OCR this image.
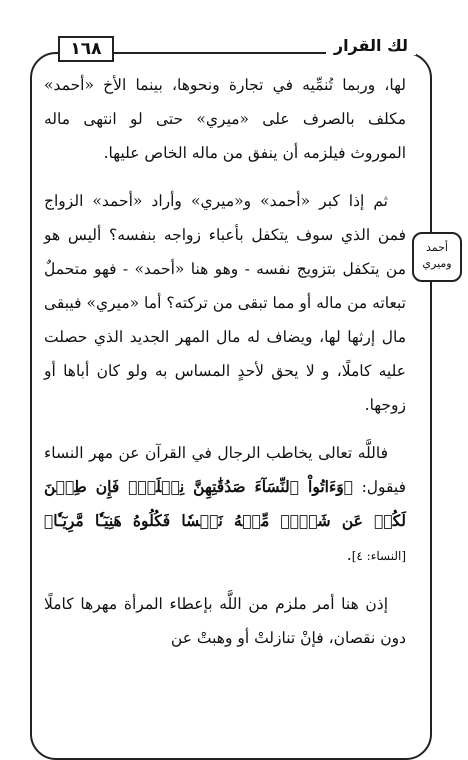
لك القرار
١٦٨
أحمد
وميري

لها، وربما تُنمِّيه في تجارة ونحوها، بينما الأخ «أحمد» مكلف بالصرف على «ميري» حتى لو انتهى ماله الموروث فيلزمه أن ينفق من ماله الخاص عليها.

ثم إذا كبر «أحمد» و«ميري» وأراد «أحمد» الزواج فمن الذي سوف يتكفل بأعباء زواجه بنفسه؟ أليس هو من يتكفل بتزويج نفسه - وهو هنا «أحمد» - فهو متحملٌ تبعاته من ماله أو مما تبقى من تركته؟ أما «ميري» فيبقى مال إرثها لها، ويضاف له مال المهر الجديد الذي حصلت عليه كاملًا، و لا يحق لأحدٍ المساس به ولو كان أباها أو زوجها.

فاللَّه تعالى يخاطب الرجال في القرآن عن مهر النساء فيقول: ﴿وَءَاتُواْ ٱلنِّسَآءَ صَدُقَٰتِهِنَّ نِحۡلَةٗۚ فَإِن طِبۡنَ لَكُمۡ عَن شَيۡءٖ مِّنۡهُ نَفۡسٗا فَكُلُوهُ هَنِيٓـٔٗا مَّرِيٓـٔٗا﴾ [النساء: ٤].

إذن هنا أمر ملزم من اللَّه بإعطاء المرأة مهرها كاملًا دون نقصان، فإنْ تنازلتْ أو وهبتْ عن
